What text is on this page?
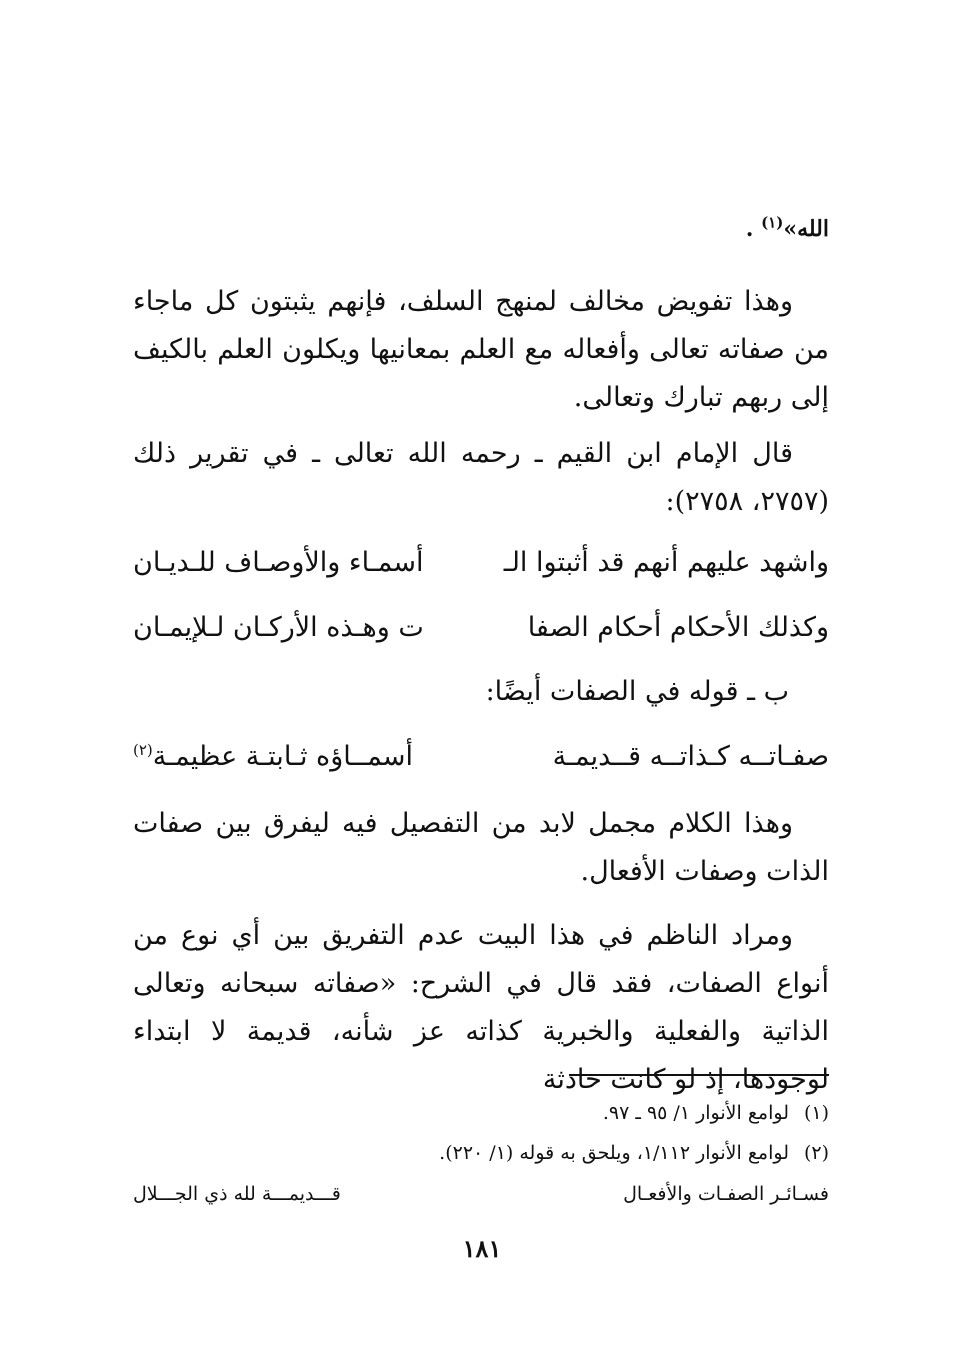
الله»$^{(١)}$ .
وهذا تفويض مخالف لمنهج السلف، فإنهم يثبتون كل ماجاء من صفاته تعالى وأفعاله مع العلم بمعانيها ويكلون العلم بالكيف إلى ربهم تبارك وتعالى.
قال الإمام ابن القيم ـ رحمه الله تعالى ـ في تقرير ذلك (٢٧٥٧، ٢٧٥٨):
واشهد عليهم أنهم قد أثبتوا الـ
أسمـاء والأوصـاف للـديـان
وكذلك الأحكام أحكام الصفا
ت وهـذه الأركـان لـلإيمـان
ب ـ قوله في الصفات أيضًا:
صفـاتــه كـذاتــه قــديمـة
أسمــاؤه ثـابتـة عظيمـة$^{(٢)}$
وهذا الكلام مجمل لابد من التفصيل فيه ليفرق بين صفات الذات وصفات الأفعال.
ومراد الناظم في هذا البيت عدم التفريق بين أي نوع من أنواع الصفات، فقد قال في الشرح: «صفاته سبحانه وتعالى الذاتية والفعلية والخبرية كذاته عز شأنه، قديمة لا ابتداء لوجودها، إذ لو كانت حادثة
(١)لوامع الأنوار ١/ ٩٥ ـ ٩٧.
(٢)لوامع الأنوار ١/١١٢، ويلحق به قوله (١/ ٢٢٠).
فسـائـر الصفـات والأفعـال
قـــديمـــة لله ذي الجـــلال
١٨١
